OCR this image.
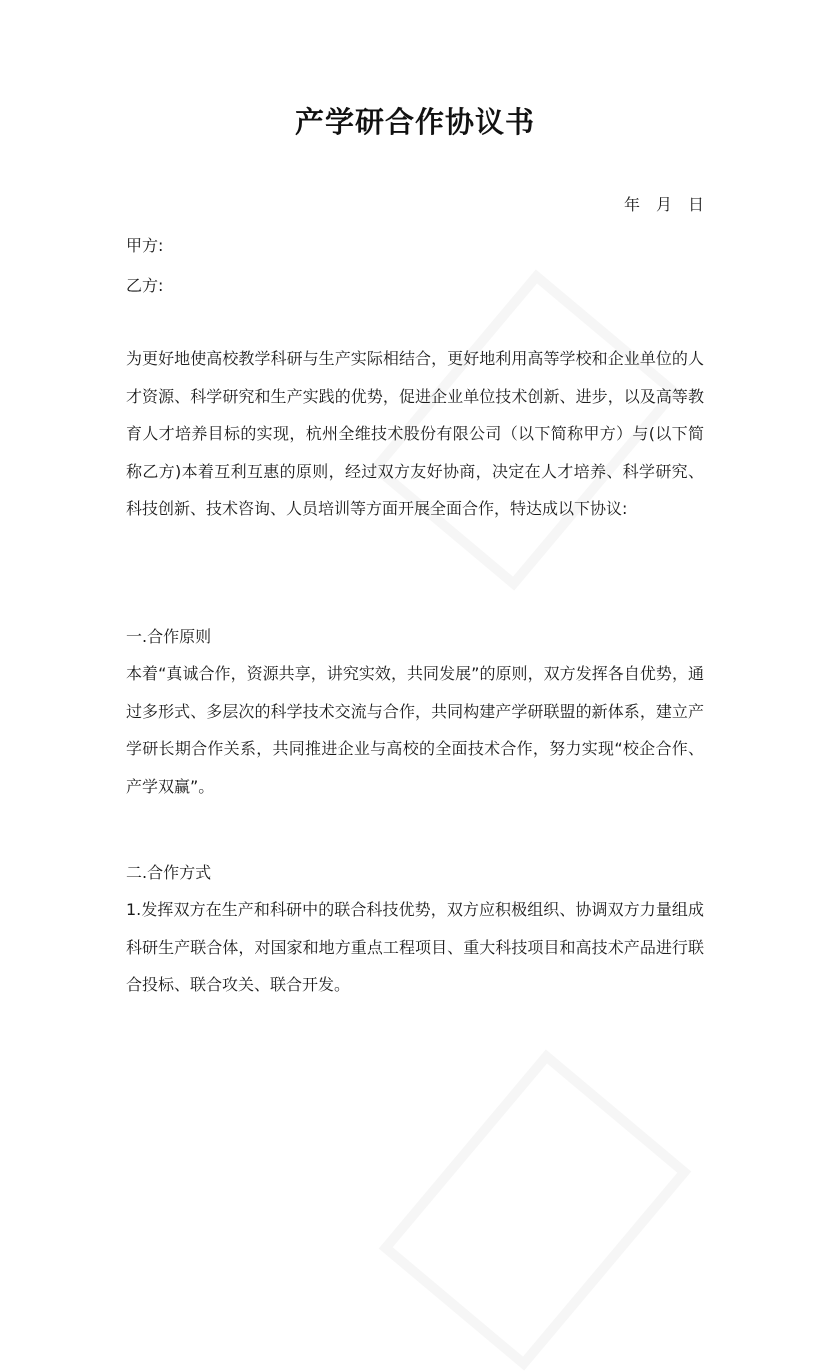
产学研合作协议书
年　月　日
甲方:
乙方:
为更好地使高校教学科研与生产实际相结合，更好地利用高等学校和企业单位的人才资源、科学研究和生产实践的优势，促进企业单位技术创新、进步，以及高等教育人才培养目标的实现，杭州全维技术股份有限公司（以下简称甲方）与(以下简称乙方)本着互利互惠的原则，经过双方友好协商，决定在人才培养、科学研究、科技创新、技术咨询、人员培训等方面开展全面合作，特达成以下协议:
一.合作原则
本着“真诚合作，资源共享，讲究实效，共同发展”的原则，双方发挥各自优势，通过多形式、多层次的科学技术交流与合作，共同构建产学研联盟的新体系，建立产学研长期合作关系，共同推进企业与高校的全面技术合作，努力实现“校企合作、产学双赢”。
二.合作方式
1.发挥双方在生产和科研中的联合科技优势，双方应积极组织、协调双方力量组成科研生产联合体，对国家和地方重点工程项目、重大科技项目和高技术产品进行联合投标、联合攻关、联合开发。
